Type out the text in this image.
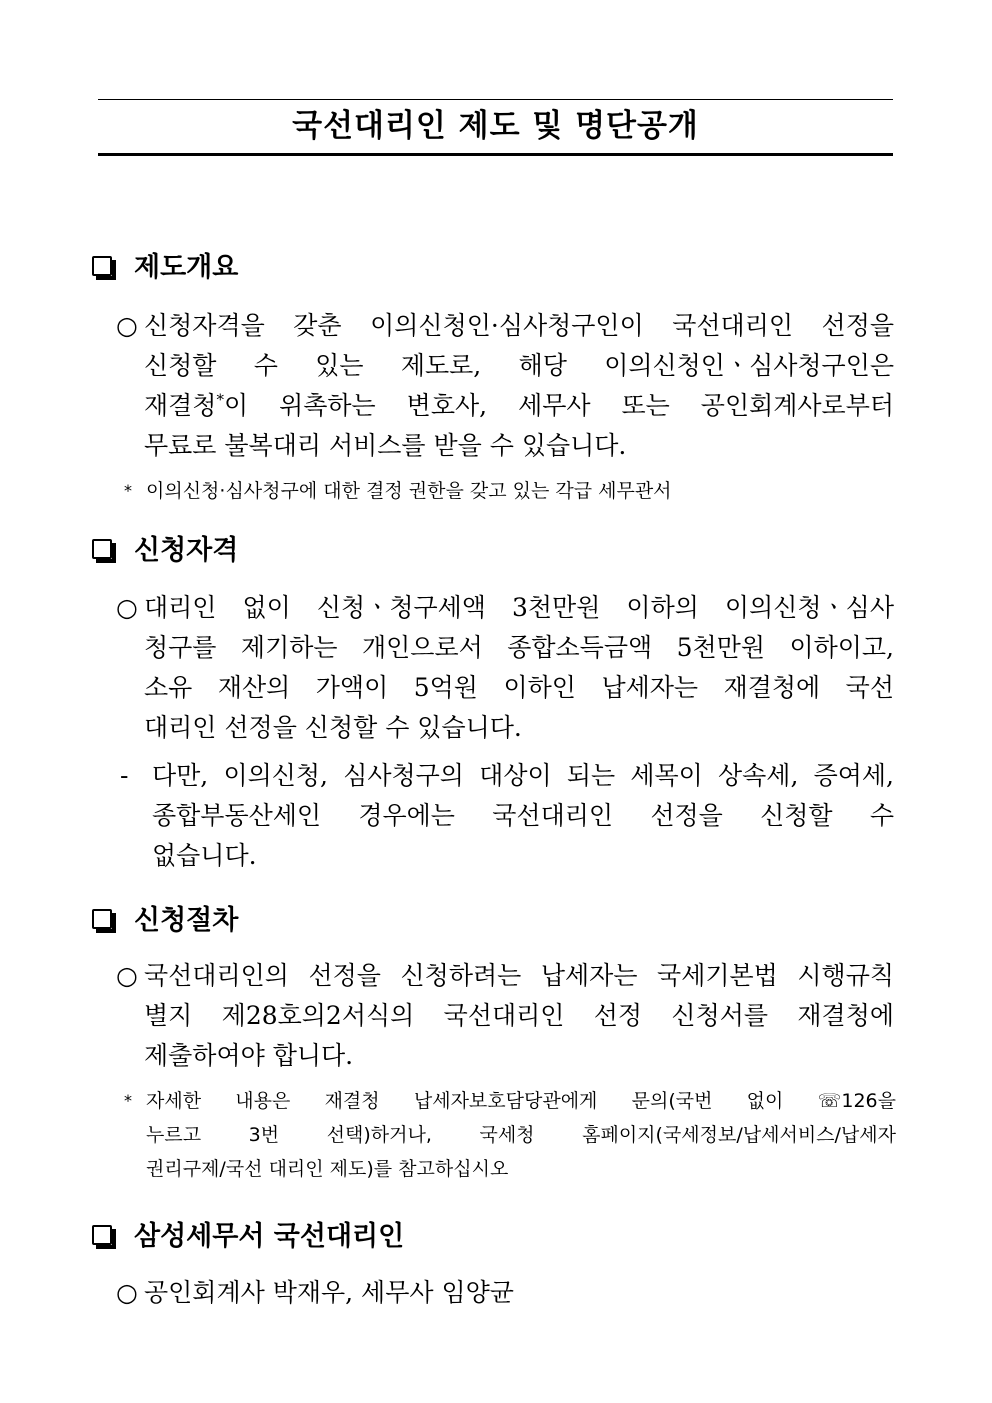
국선대리인 제도 및 명단공개
제도개요
○ 신청자격을 갖춘 이의신청인·심사청구인이 국선대리인 선정을
신청할 수 있는 제도로, 해당 이의신청인ㆍ심사청구인은
재결청*이 위촉하는 변호사, 세무사 또는 공인회계사로부터
무료로 불복대리 서비스를 받을 수 있습니다.
* 이의신청·심사청구에 대한 결정 권한을 갖고 있는 각급 세무관서
신청자격
○ 대리인 없이 신청ㆍ청구세액 3천만원 이하의 이의신청ㆍ심사
청구를 제기하는 개인으로서 종합소득금액 5천만원 이하이고,
소유 재산의 가액이 5억원 이하인 납세자는 재결청에 국선
대리인 선정을 신청할 수 있습니다.
- 다만, 이의신청, 심사청구의 대상이 되는 세목이 상속세, 증여세,
종합부동산세인 경우에는 국선대리인 선정을 신청할 수
없습니다.
신청절차
○ 국선대리인의 선정을 신청하려는 납세자는 국세기본법 시행규칙
별지 제28호의2서식의 국선대리인 선정 신청서를 재결청에
제출하여야 합니다.
* 자세한 내용은 재결청 납세자보호담당관에게 문의(국번 없이 ☏126을
누르고 3번 선택)하거나, 국세청 홈페이지(국세정보/납세서비스/납세자
권리구제/국선 대리인 제도)를 참고하십시오
삼성세무서 국선대리인
○ 공인회계사 박재우, 세무사 임양균
